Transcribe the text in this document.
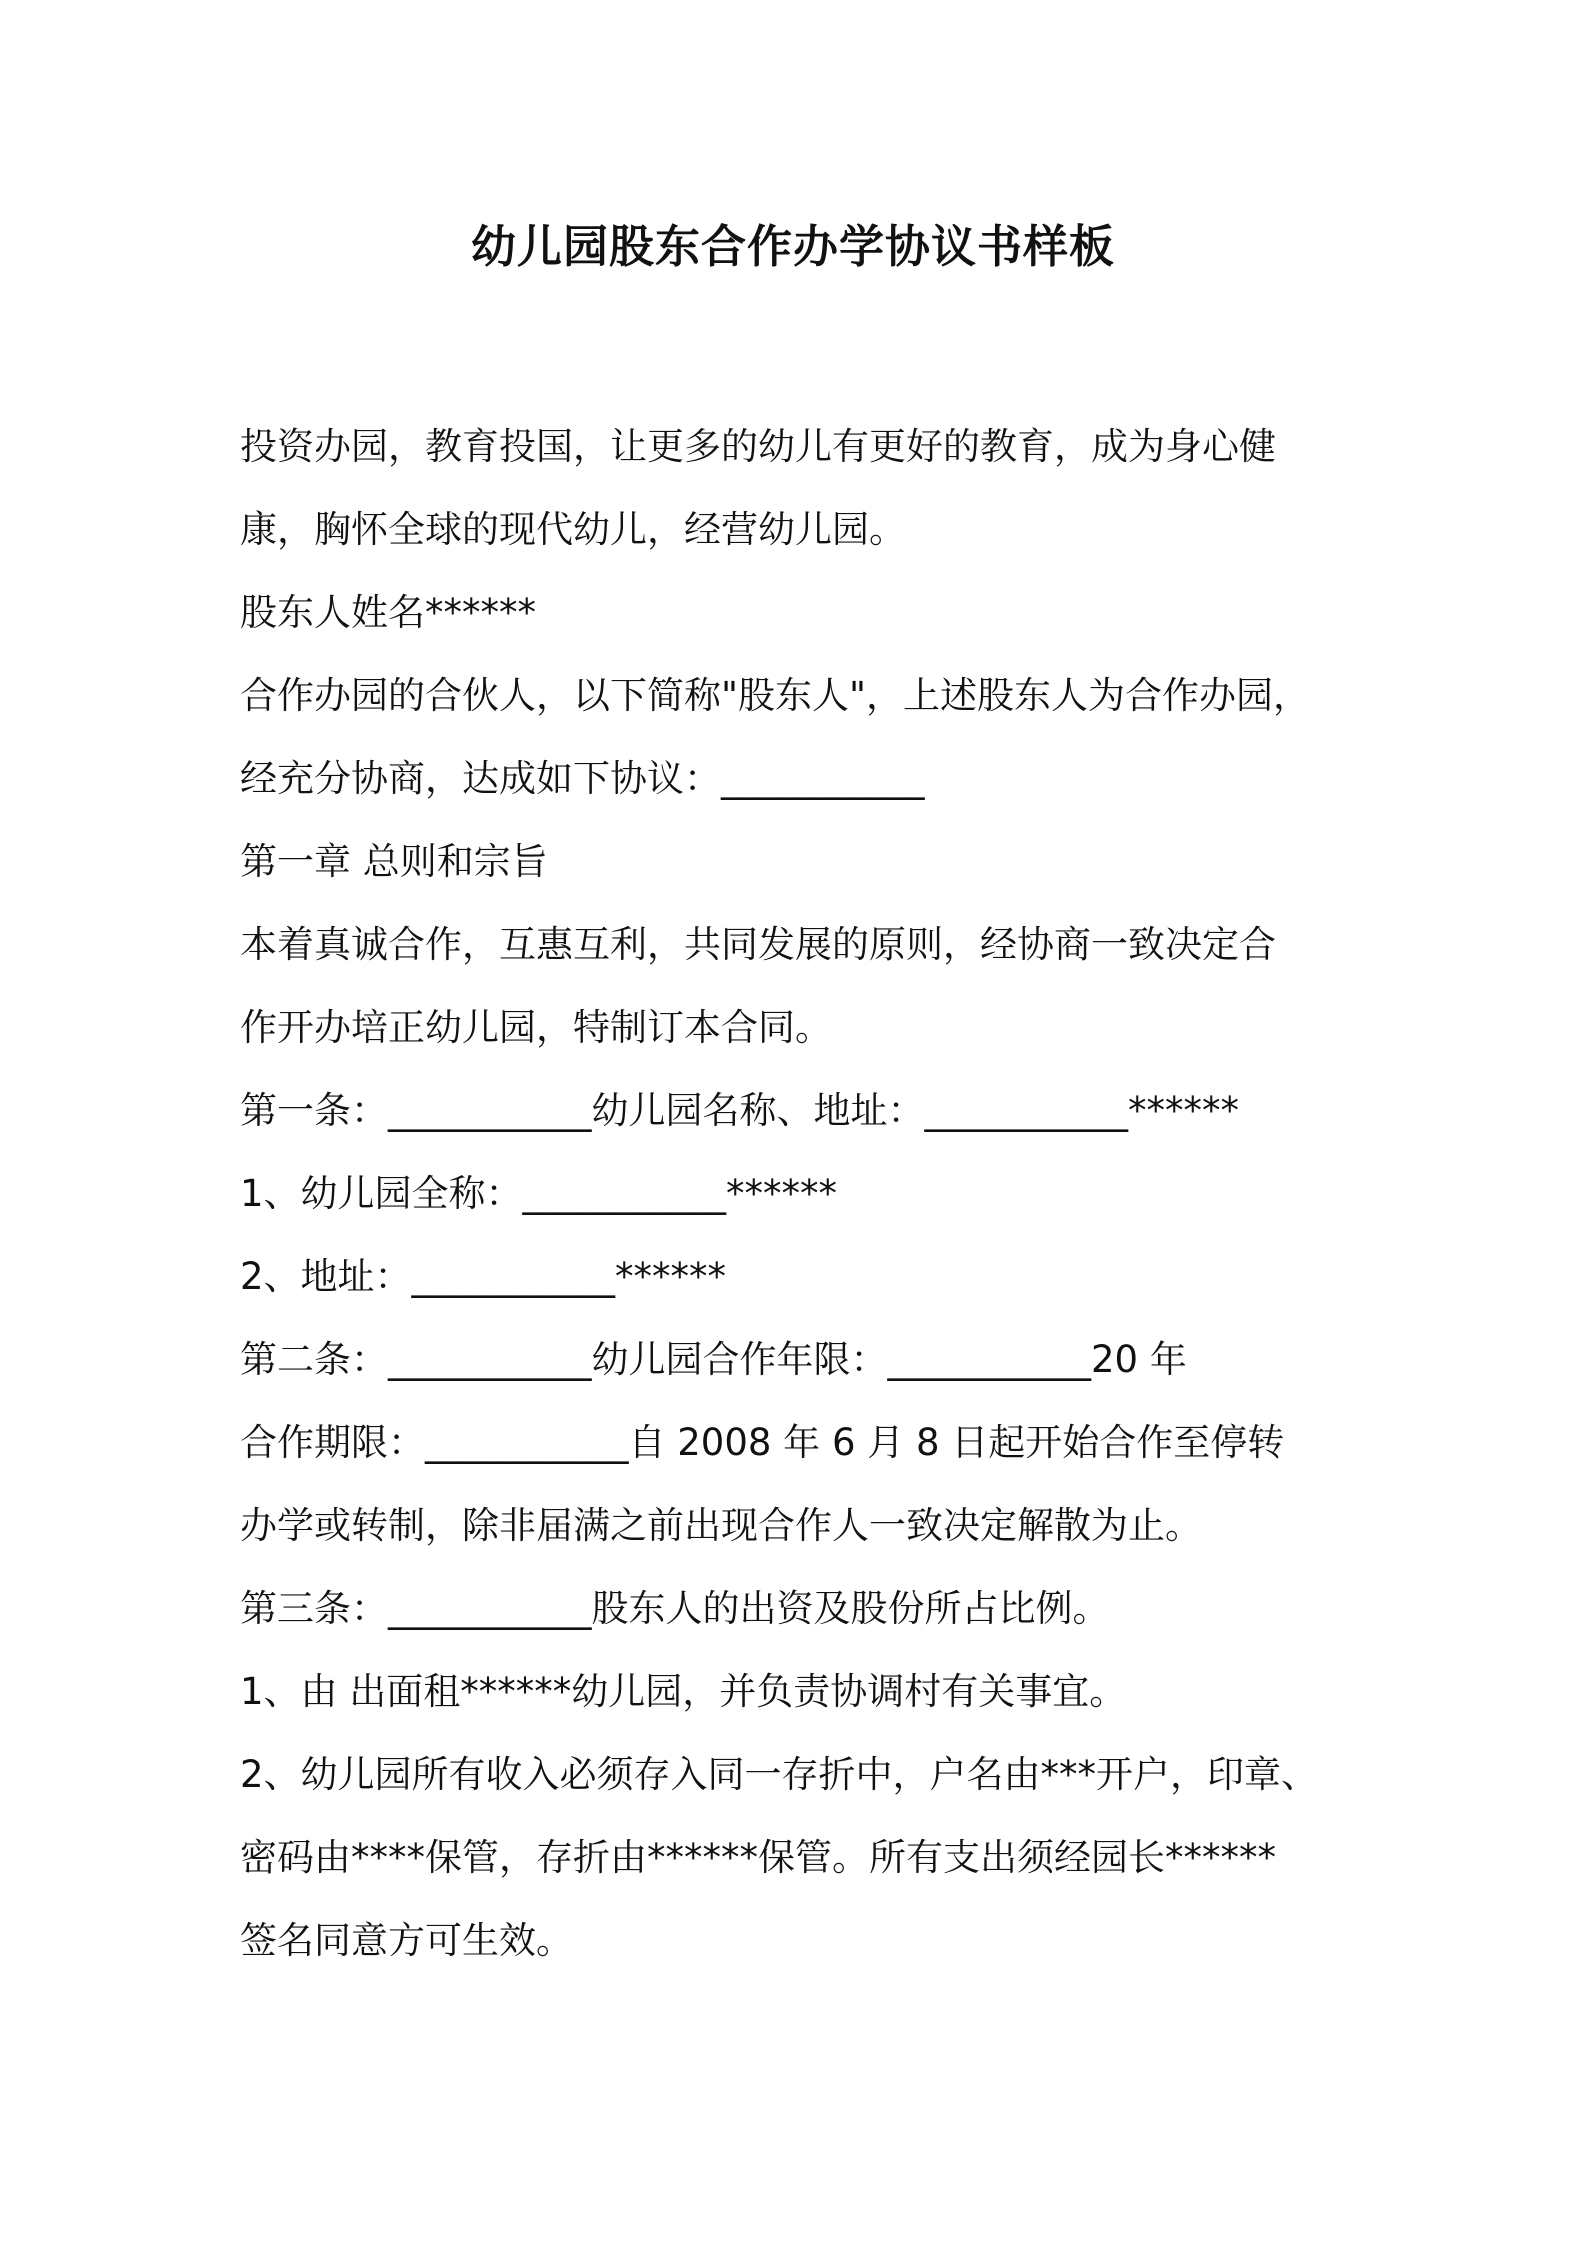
幼儿园股东合作办学协议书样板

投资办园，教育投国，让更多的幼儿有更好的教育，成为身心健

康，胸怀全球的现代幼儿，经营幼儿园。

股东人姓名******

合作办园的合伙人，以下简称"股东人"，上述股东人为合作办园，

经充分协商，达成如下协议：___________

第一章 总则和宗旨

本着真诚合作，互惠互利，共同发展的原则，经协商一致决定合

作开办培正幼儿园，特制订本合同。

第一条：___________幼儿园名称、地址：___________******

1、幼儿园全称：___________******

2、地址：___________******

第二条：___________幼儿园合作年限：___________20 年

合作期限：___________自 2008 年 6 月 8 日起开始合作至停转

办学或转制，除非届满之前出现合作人一致决定解散为止。

第三条：___________股东人的出资及股份所占比例。

1、由 出面租******幼儿园，并负责协调村有关事宜。

2、幼儿园所有收入必须存入同一存折中，户名由***开户，印章、

密码由****保管，存折由******保管。所有支出须经园长******

签名同意方可生效。
